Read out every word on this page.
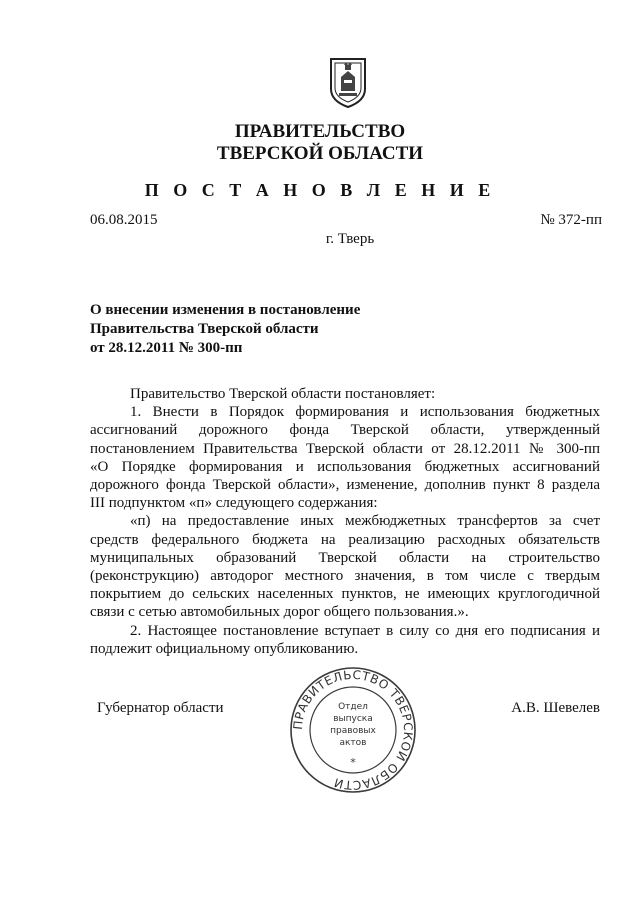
ПРАВИТЕЛЬСТВО
ТВЕРСКОЙ ОБЛАСТИ
П О С Т А Н О В Л Е Н И Е
06.08.2015	№ 372-пп
г. Тверь
О внесении изменения в постановление
Правительства Тверской области
от 28.12.2011 № 300-пп

Правительство Тверской области постановляет:

1. Внести в Порядок формирования и использования бюджетных

ассигнований дорожного фонда Тверской области, утвержденный

постановлением Правительства Тверской области от 28.12.2011 № 300-пп

«О Порядке формирования и использования бюджетных ассигнований

дорожного фонда Тверской области», изменение, дополнив пункт 8 раздела

III подпунктом «п» следующего содержания:

«п) на предоставление иных межбюджетных трансфертов за счет

средств федерального бюджета на реализацию расходных обязательств

муниципальных образований Тверской области на строительство

(реконструкцию) автодорог местного значения, в том числе с твердым

покрытием до сельских населенных пунктов, не имеющих круглогодичной

связи с сетью автомобильных дорог общего пользования.».

2. Настоящее постановление вступает в силу со дня его подписания и

подлежит официальному опубликованию.

Губернатор области	А.В. Шевелев
ПРАВИТЕЛЬСТВО ТВЕРСКОЙ ОБЛАСТИ
Отдел
выпуска
правовых
актов
*
